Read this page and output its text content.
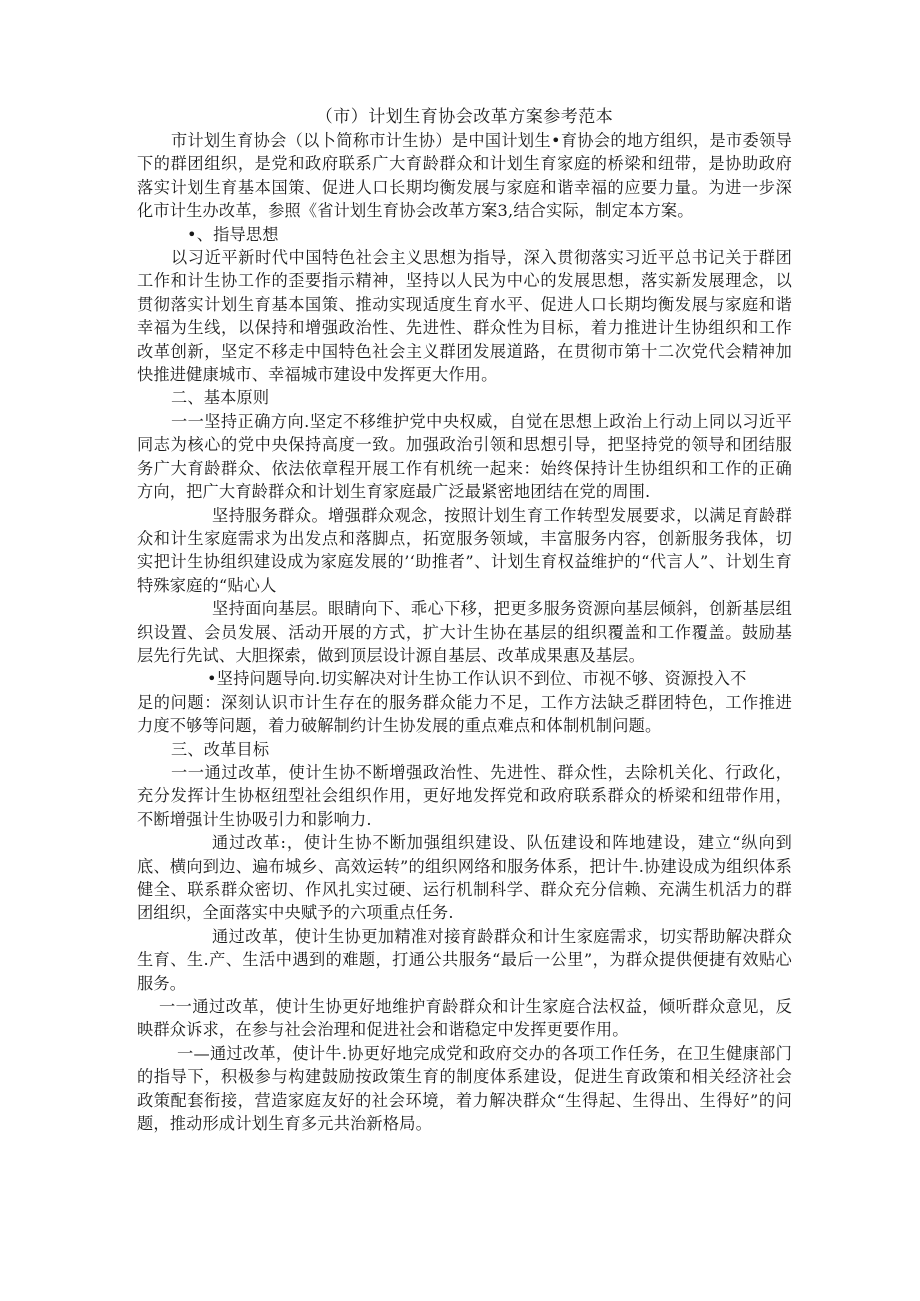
（市）计划生育协会改革方案参考范本

市计划生育协会（以卜简称市计生协）是中国计划生•育协会的地方组织，是市委领导下的群团组织，是党和政府联系广大育龄群众和计划生育家庭的桥梁和纽带，是协助政府落实计划生育基本国策、促进人口长期均衡发展与家庭和谐幸福的应要力量。为进一步深化市计生办改革，参照《省计划生育协会改革方案3,结合实际，制定本方案。

•、指导思想

以习近平新时代中国特色社会主义思想为指导，深入贯彻落实习近平总书记关于群团工作和计生协工作的歪要指示精神，坚持以人民为中心的发展思想，落实新发展理念，以贯彻落实计划生育基本国策、推动实现适度生育水平、促进人口长期均衡发展与家庭和谐幸福为生线，以保持和增强政治性、先进性、群众性为目标，着力推进计生协组织和工作改革创新，坚定不移走中国特色社会主义群团发展道路，在贯彻市第十二次党代会精神加快推进健康城市、幸福城市建设中发挥更大作用。

二、基本原则

一一坚持正确方向.坚定不移维护党中央权威，自觉在思想上政治上行动上同以习近平同志为核心的党中央保持高度一致。加强政治引领和思想引导，把坚持党的领导和团结服务广大育龄群众、依法依章程开展工作有机统一起来：始终保持计生协组织和工作的正确方向，把广大育龄群众和计划生育家庭最广泛最紧密地团结在党的周围.

坚持服务群众。增强群众观念，按照计划生育工作转型发展要求，以满足育龄群众和计生家庭需求为出发点和落脚点，拓宽服务领域，丰富服务内容，创新服务我体，切实把计生协组织建设成为家庭发展的’‘助推者”、计划生育权益维护的“代言人”、计划生育特殊家庭的“贴心人

坚持面向基层。眼睛向下、乖心下移，把更多服务资源向基层倾斜，创新基层组织设置、会员发展、活动开展的方式，扩大计生协在基层的组织覆盖和工作覆盖。鼓励基层先行先试、大胆探索，做到顶层设计源自基层、改革成果惠及基层。

•坚持问题导向.切实解决对计生协工作认识不到位、市视不够、资源投入不

足的问题：深刻认识市计生存在的服务群众能力不足，工作方法缺乏群团特色，工作推进力度不够等问题，着力破解制约计生协发展的重点难点和体制机制问题。

三、改革目标

一一通过改革，使计生协不断增强政治性、先进性、群众性，去除机关化、行政化，充分发挥计生协枢纽型社会组织作用，更好地发挥党和政府联系群众的桥梁和纽带作用，不断增强计生协吸引力和影响力.

通过改革:，使计生协不断加强组织建设、队伍建设和阵地建设，建立“纵向到底、横向到边、遍布城乡、高效运转”的组织网络和服务体系，把计牛.协建设成为组织体系健全、联系群众密切、作风扎实过硬、运行机制科学、群众充分信赖、充满生机活力的群团组织，全面落实中央赋予的六项重点任务.

通过改革，使计生协更加精准对接育龄群众和计生家庭需求，切实帮助解决群众生育、生.产、生活中遇到的难题，打通公共服务“最后一公里”，为群众提供便捷有效贴心服务。

一一通过改革，使计生协更好地维护育龄群众和计生家庭合法权益，倾听群众意见，反映群众诉求，在参与社会治理和促进社会和谐稳定中发挥更要作用。

一—通过改革，使计牛.协更好地完成党和政府交办的各项工作任务，在卫生健康部门的指导下，积极参与构建鼓励按政策生育的制度体系建设，促进生育政策和相关经济社会政策配套衔接，营造家庭友好的社会环境，着力解决群众“生得起、生得出、生得好”的问题，推动形成计划生育多元共治新格局。
